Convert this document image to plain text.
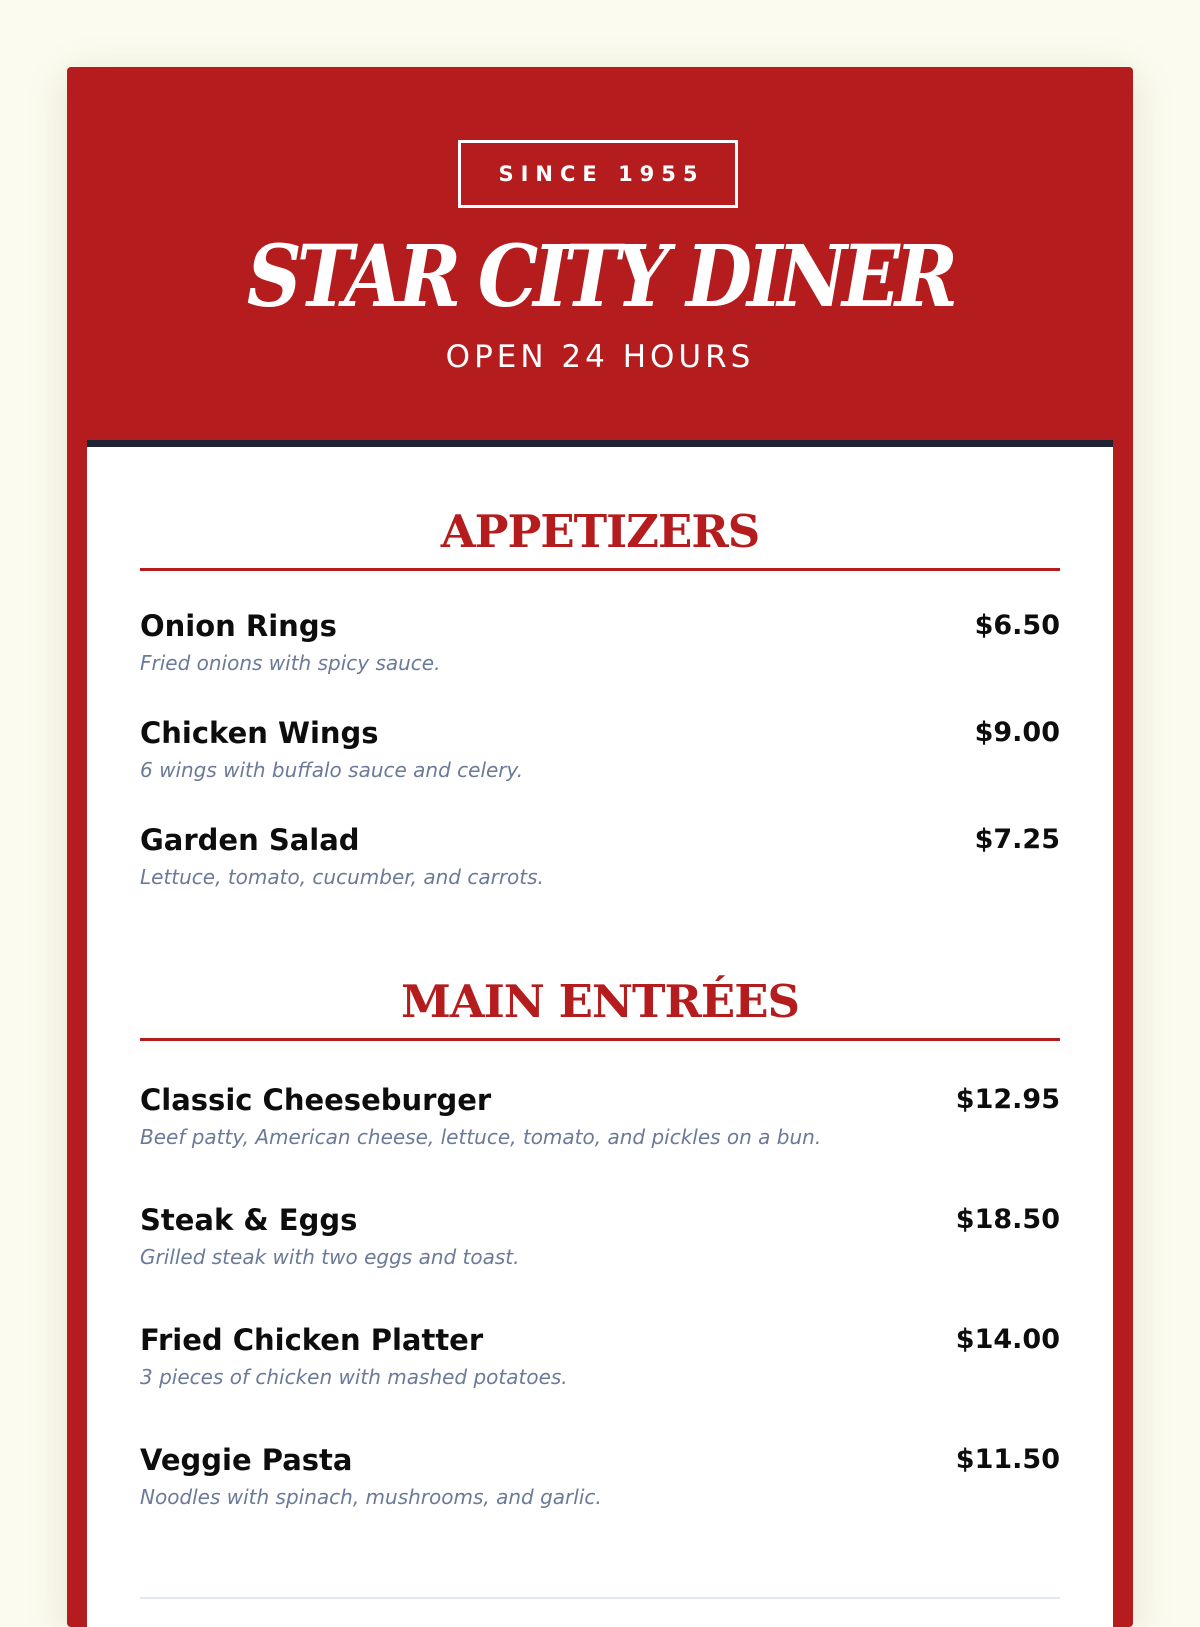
SINCE 1955
STAR CITY DINER
OPEN 24 HOURS
APPETIZERS
Onion Rings	$6.50
Fried onions with spicy sauce.
Chicken Wings	$9.00
6 wings with buffalo sauce and celery.
Garden Salad	$7.25
Lettuce, tomato, cucumber, and carrots.
MAIN ENTRÉES
Classic Cheeseburger	$12.95
Beef patty, American cheese, lettuce, tomato, and pickles on a bun.
Steak & Eggs	$18.50
Grilled steak with two eggs and toast.
Fried Chicken Platter	$14.00
3 pieces of chicken with mashed potatoes.
Veggie Pasta	$11.50
Noodles with spinach, mushrooms, and garlic.
